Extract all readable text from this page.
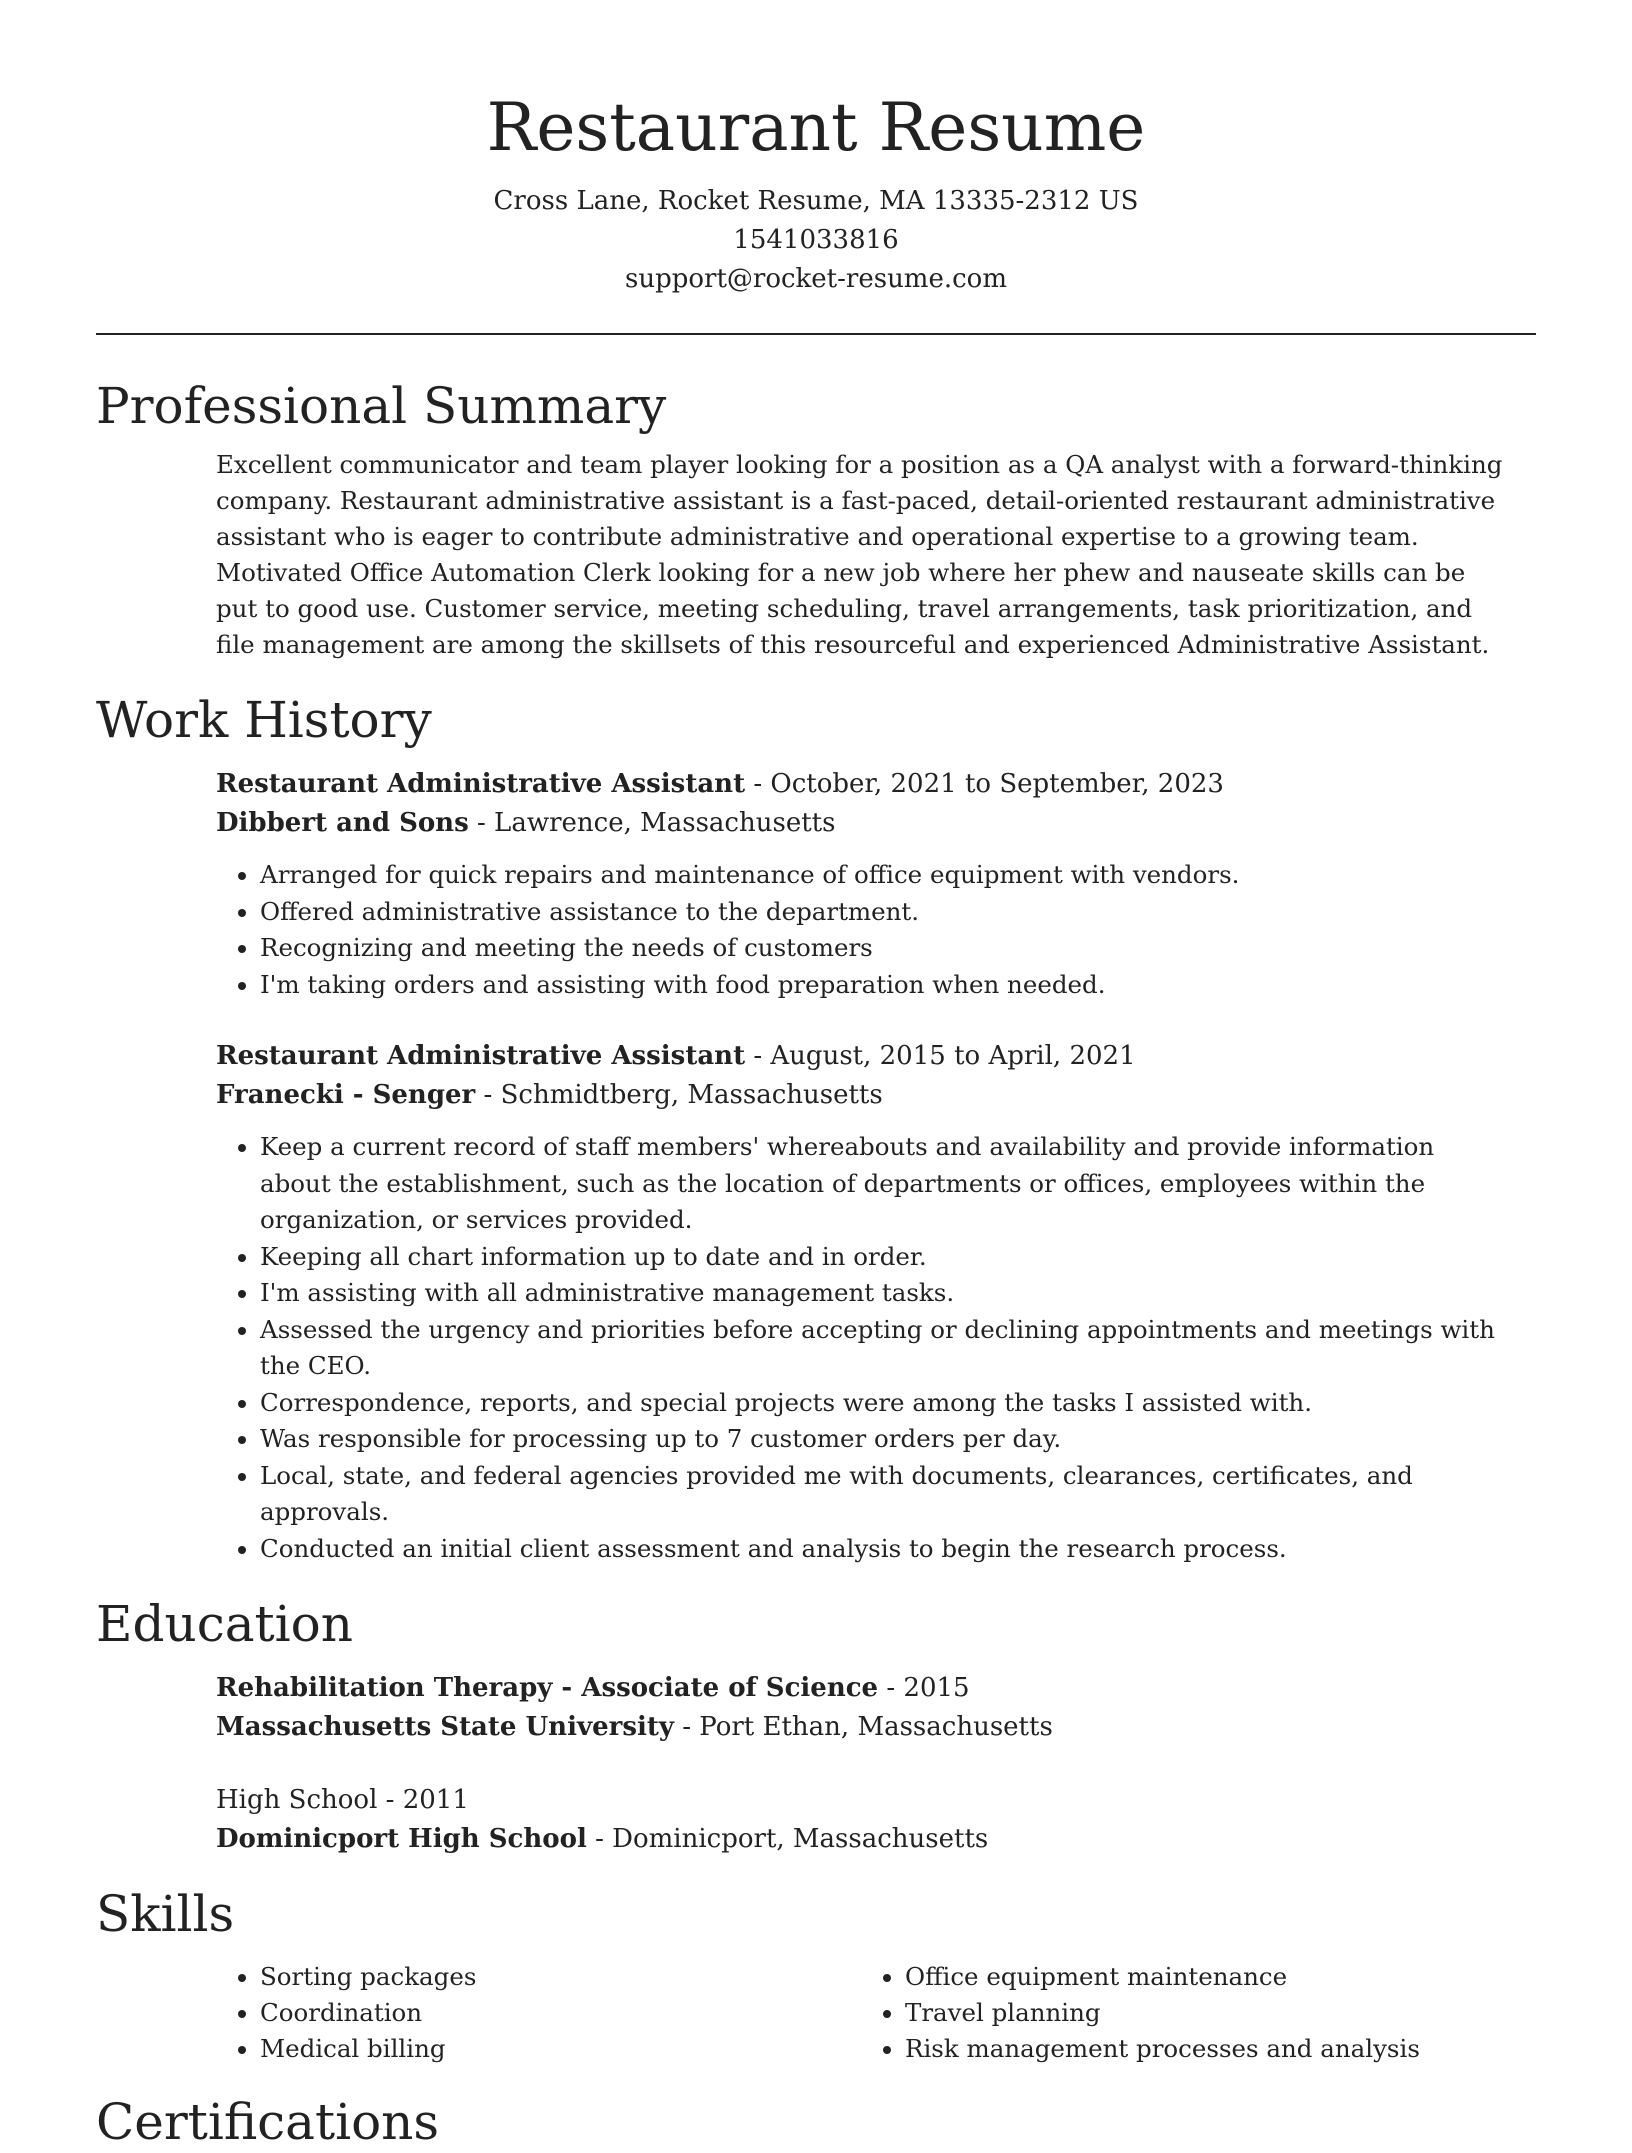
Restaurant Resume
Cross Lane, Rocket Resume, MA 13335-2312 US
1541033816
support@rocket-resume.com
Professional Summary

Excellent communicator and team player looking for a position as a QA analyst with a forward-thinking company. Restaurant administrative assistant is a fast-paced, detail-oriented restaurant administrative assistant who is eager to contribute administrative and operational expertise to a growing team. Motivated Office Automation Clerk looking for a new job where her phew and nauseate skills can be put to good use. Customer service, meeting scheduling, travel arrangements, task prioritization, and file management are among the skillsets of this resourceful and experienced Administrative Assistant.

Work History
Restaurant Administrative Assistant - October, 2021 to September, 2023
Dibbert and Sons - Lawrence, Massachusetts
• Arranged for quick repairs and maintenance of office equipment with vendors.
• Offered administrative assistance to the department.
• Recognizing and meeting the needs of customers
• I'm taking orders and assisting with food preparation when needed.
Restaurant Administrative Assistant - August, 2015 to April, 2021
Franecki - Senger - Schmidtberg, Massachusetts
• Keep a current record of staff members' whereabouts and availability and provide information about the establishment, such as the location of departments or offices, employees within the organization, or services provided.
• Keeping all chart information up to date and in order.
• I'm assisting with all administrative management tasks.
• Assessed the urgency and priorities before accepting or declining appointments and meetings with the CEO.
• Correspondence, reports, and special projects were among the tasks I assisted with.
• Was responsible for processing up to 7 customer orders per day.
• Local, state, and federal agencies provided me with documents, clearances, certificates, and approvals.
• Conducted an initial client assessment and analysis to begin the research process.
Education
Rehabilitation Therapy - Associate of Science - 2015
Massachusetts State University - Port Ethan, Massachusetts
High School - 2011
Dominicport High School - Dominicport, Massachusetts
Skills
• Sorting packages
• Coordination
• Medical billing
• Office equipment maintenance
• Travel planning
• Risk management processes and analysis
Certifications
